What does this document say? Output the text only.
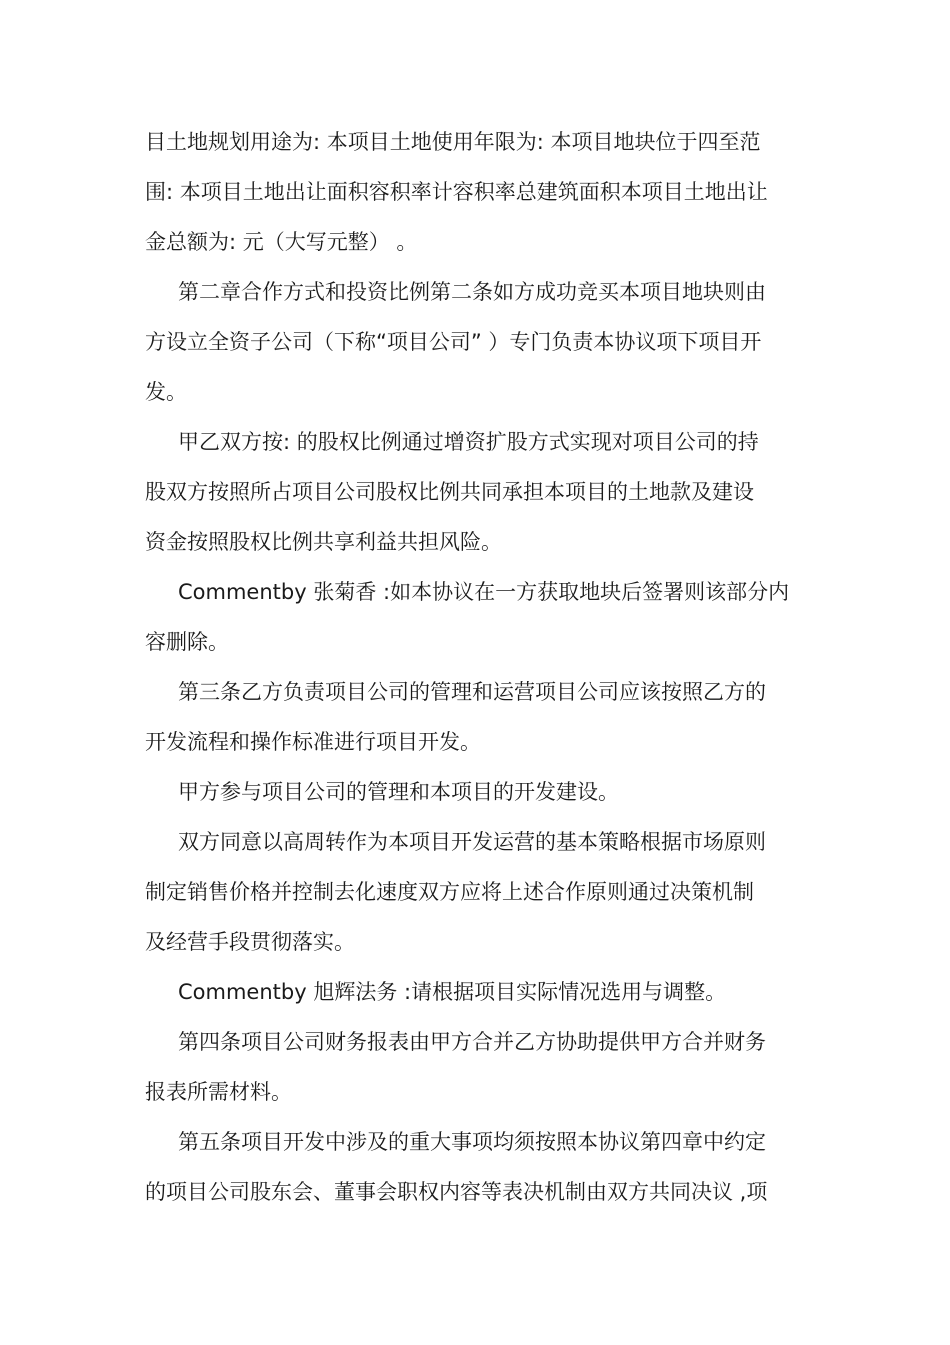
目土地规划用途为: 本项目土地使用年限为: 本项目地块位于四至范
围: 本项目土地出让面积容积率计容积率总建筑面积本项目土地出让
金总额为: 元（大写元整） 。
第二章合作方式和投资比例第二条如方成功竞买本项目地块则由
方设立全资子公司（下称“项目公司” ）专门负责本协议项下项目开
发。
甲乙双方按: 的股权比例通过增资扩股方式实现对项目公司的持
股双方按照所占项目公司股权比例共同承担本项目的土地款及建设
资金按照股权比例共享利益共担风险。
Commentby 张菊香 :如本协议在一方获取地块后签署则该部分内
容删除。
第三条乙方负责项目公司的管理和运营项目公司应该按照乙方的
开发流程和操作标准进行项目开发。
甲方参与项目公司的管理和本项目的开发建设。
双方同意以高周转作为本项目开发运营的基本策略根据市场原则
制定销售价格并控制去化速度双方应将上述合作原则通过决策机制
及经营手段贯彻落实。
Commentby 旭辉法务 :请根据项目实际情况选用与调整。
第四条项目公司财务报表由甲方合并乙方协助提供甲方合并财务
报表所需材料。
第五条项目开发中涉及的重大事项均须按照本协议第四章中约定
的项目公司股东会、董事会职权内容等表决机制由双方共同决议 ,项
